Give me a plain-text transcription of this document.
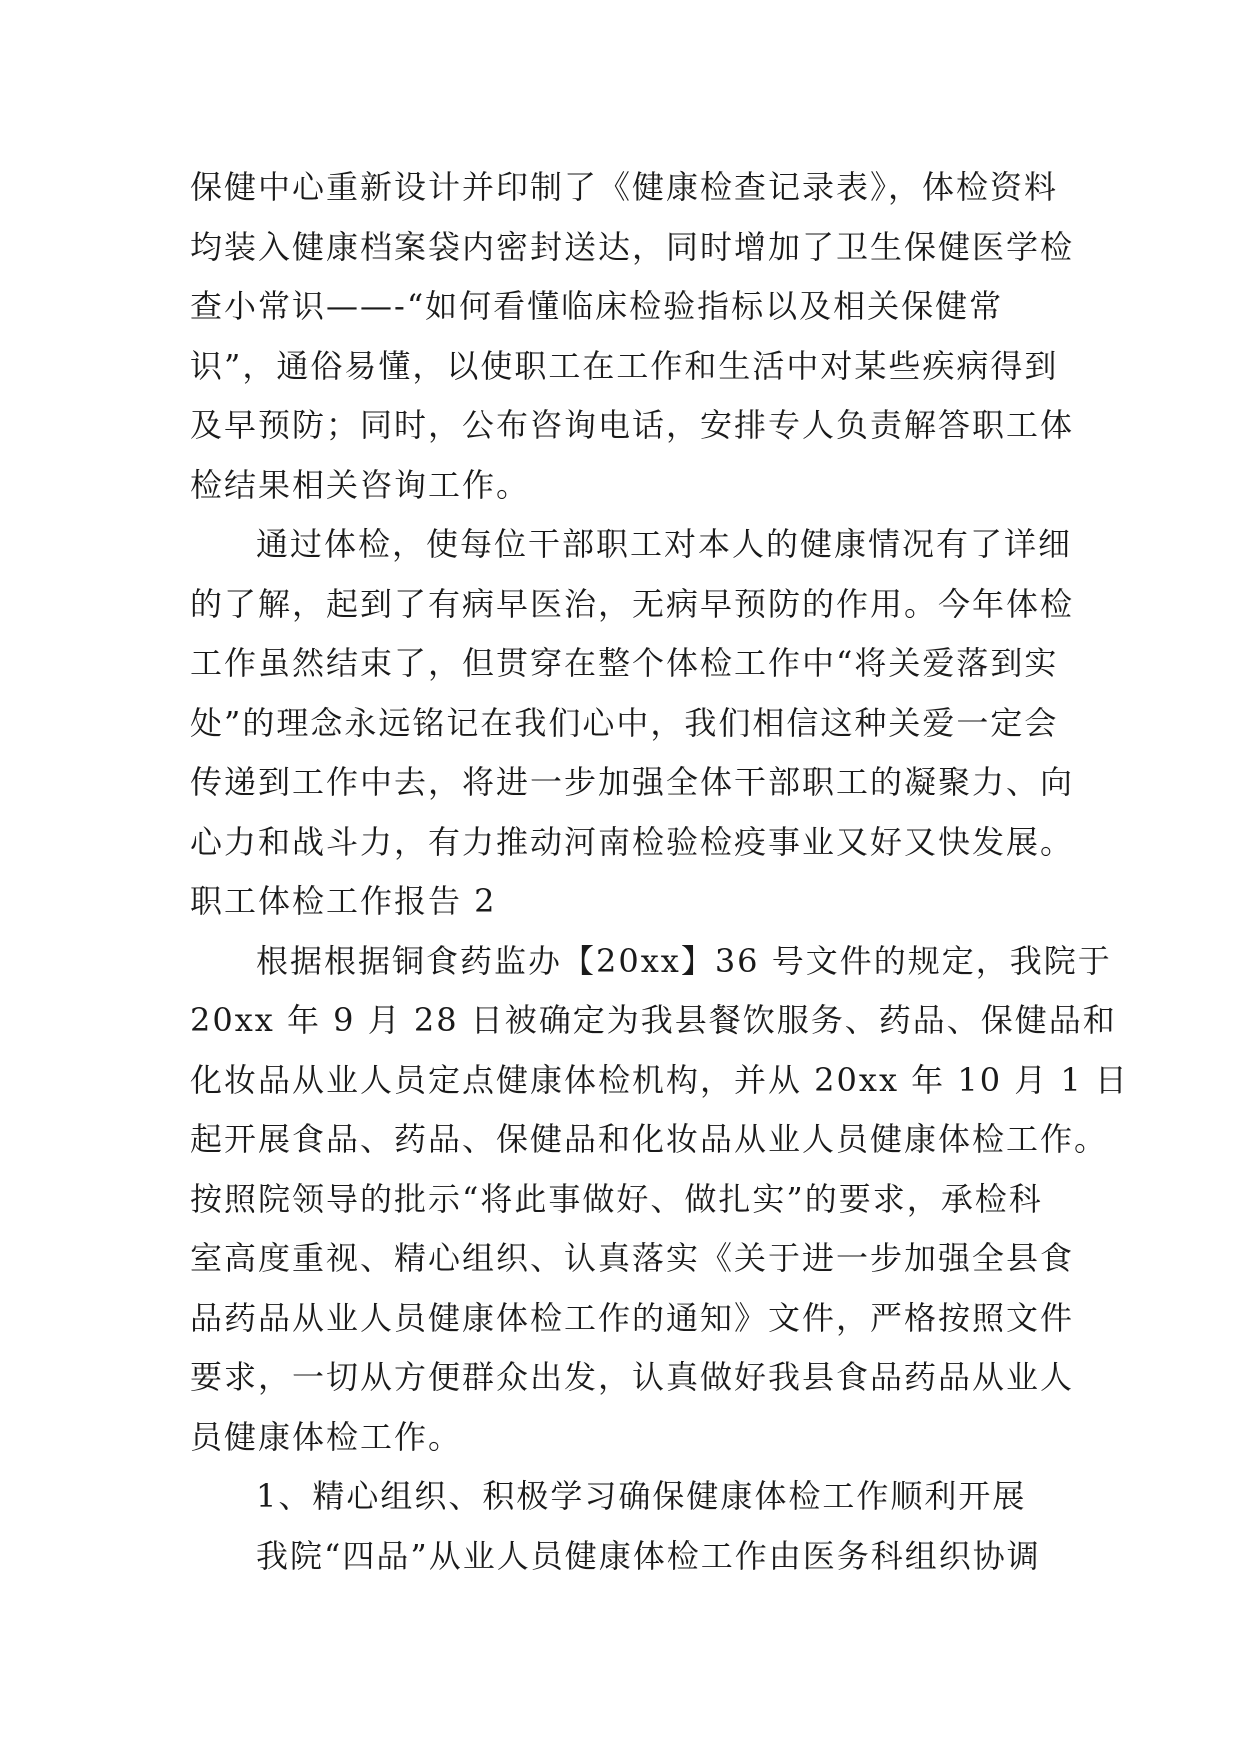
保健中心重新设计并印制了《健康检查记录表》，体检资料
均装入健康档案袋内密封送达，同时增加了卫生保健医学检
查小常识——-“如何看懂临床检验指标以及相关保健常
识”，通俗易懂，以使职工在工作和生活中对某些疾病得到
及早预防；同时，公布咨询电话，安排专人负责解答职工体
检结果相关咨询工作。
通过体检，使每位干部职工对本人的健康情况有了详细
的了解，起到了有病早医治，无病早预防的作用。今年体检
工作虽然结束了，但贯穿在整个体检工作中“将关爱落到实
处”的理念永远铭记在我们心中，我们相信这种关爱一定会
传递到工作中去，将进一步加强全体干部职工的凝聚力、向
心力和战斗力，有力推动河南检验检疫事业又好又快发展。
职工体检工作报告 2
根据根据铜食药监办【20xx】36 号文件的规定，我院于
20xx 年 9 月 28 日被确定为我县餐饮服务、药品、保健品和
化妆品从业人员定点健康体检机构，并从 20xx 年 10 月 1 日
起开展食品、药品、保健品和化妆品从业人员健康体检工作。
按照院领导的批示“将此事做好、做扎实”的要求，承检科
室高度重视、精心组织、认真落实《关于进一步加强全县食
品药品从业人员健康体检工作的通知》文件，严格按照文件
要求，一切从方便群众出发，认真做好我县食品药品从业人
员健康体检工作。
1、精心组织、积极学习确保健康体检工作顺利开展
我院“四品”从业人员健康体检工作由医务科组织协调
